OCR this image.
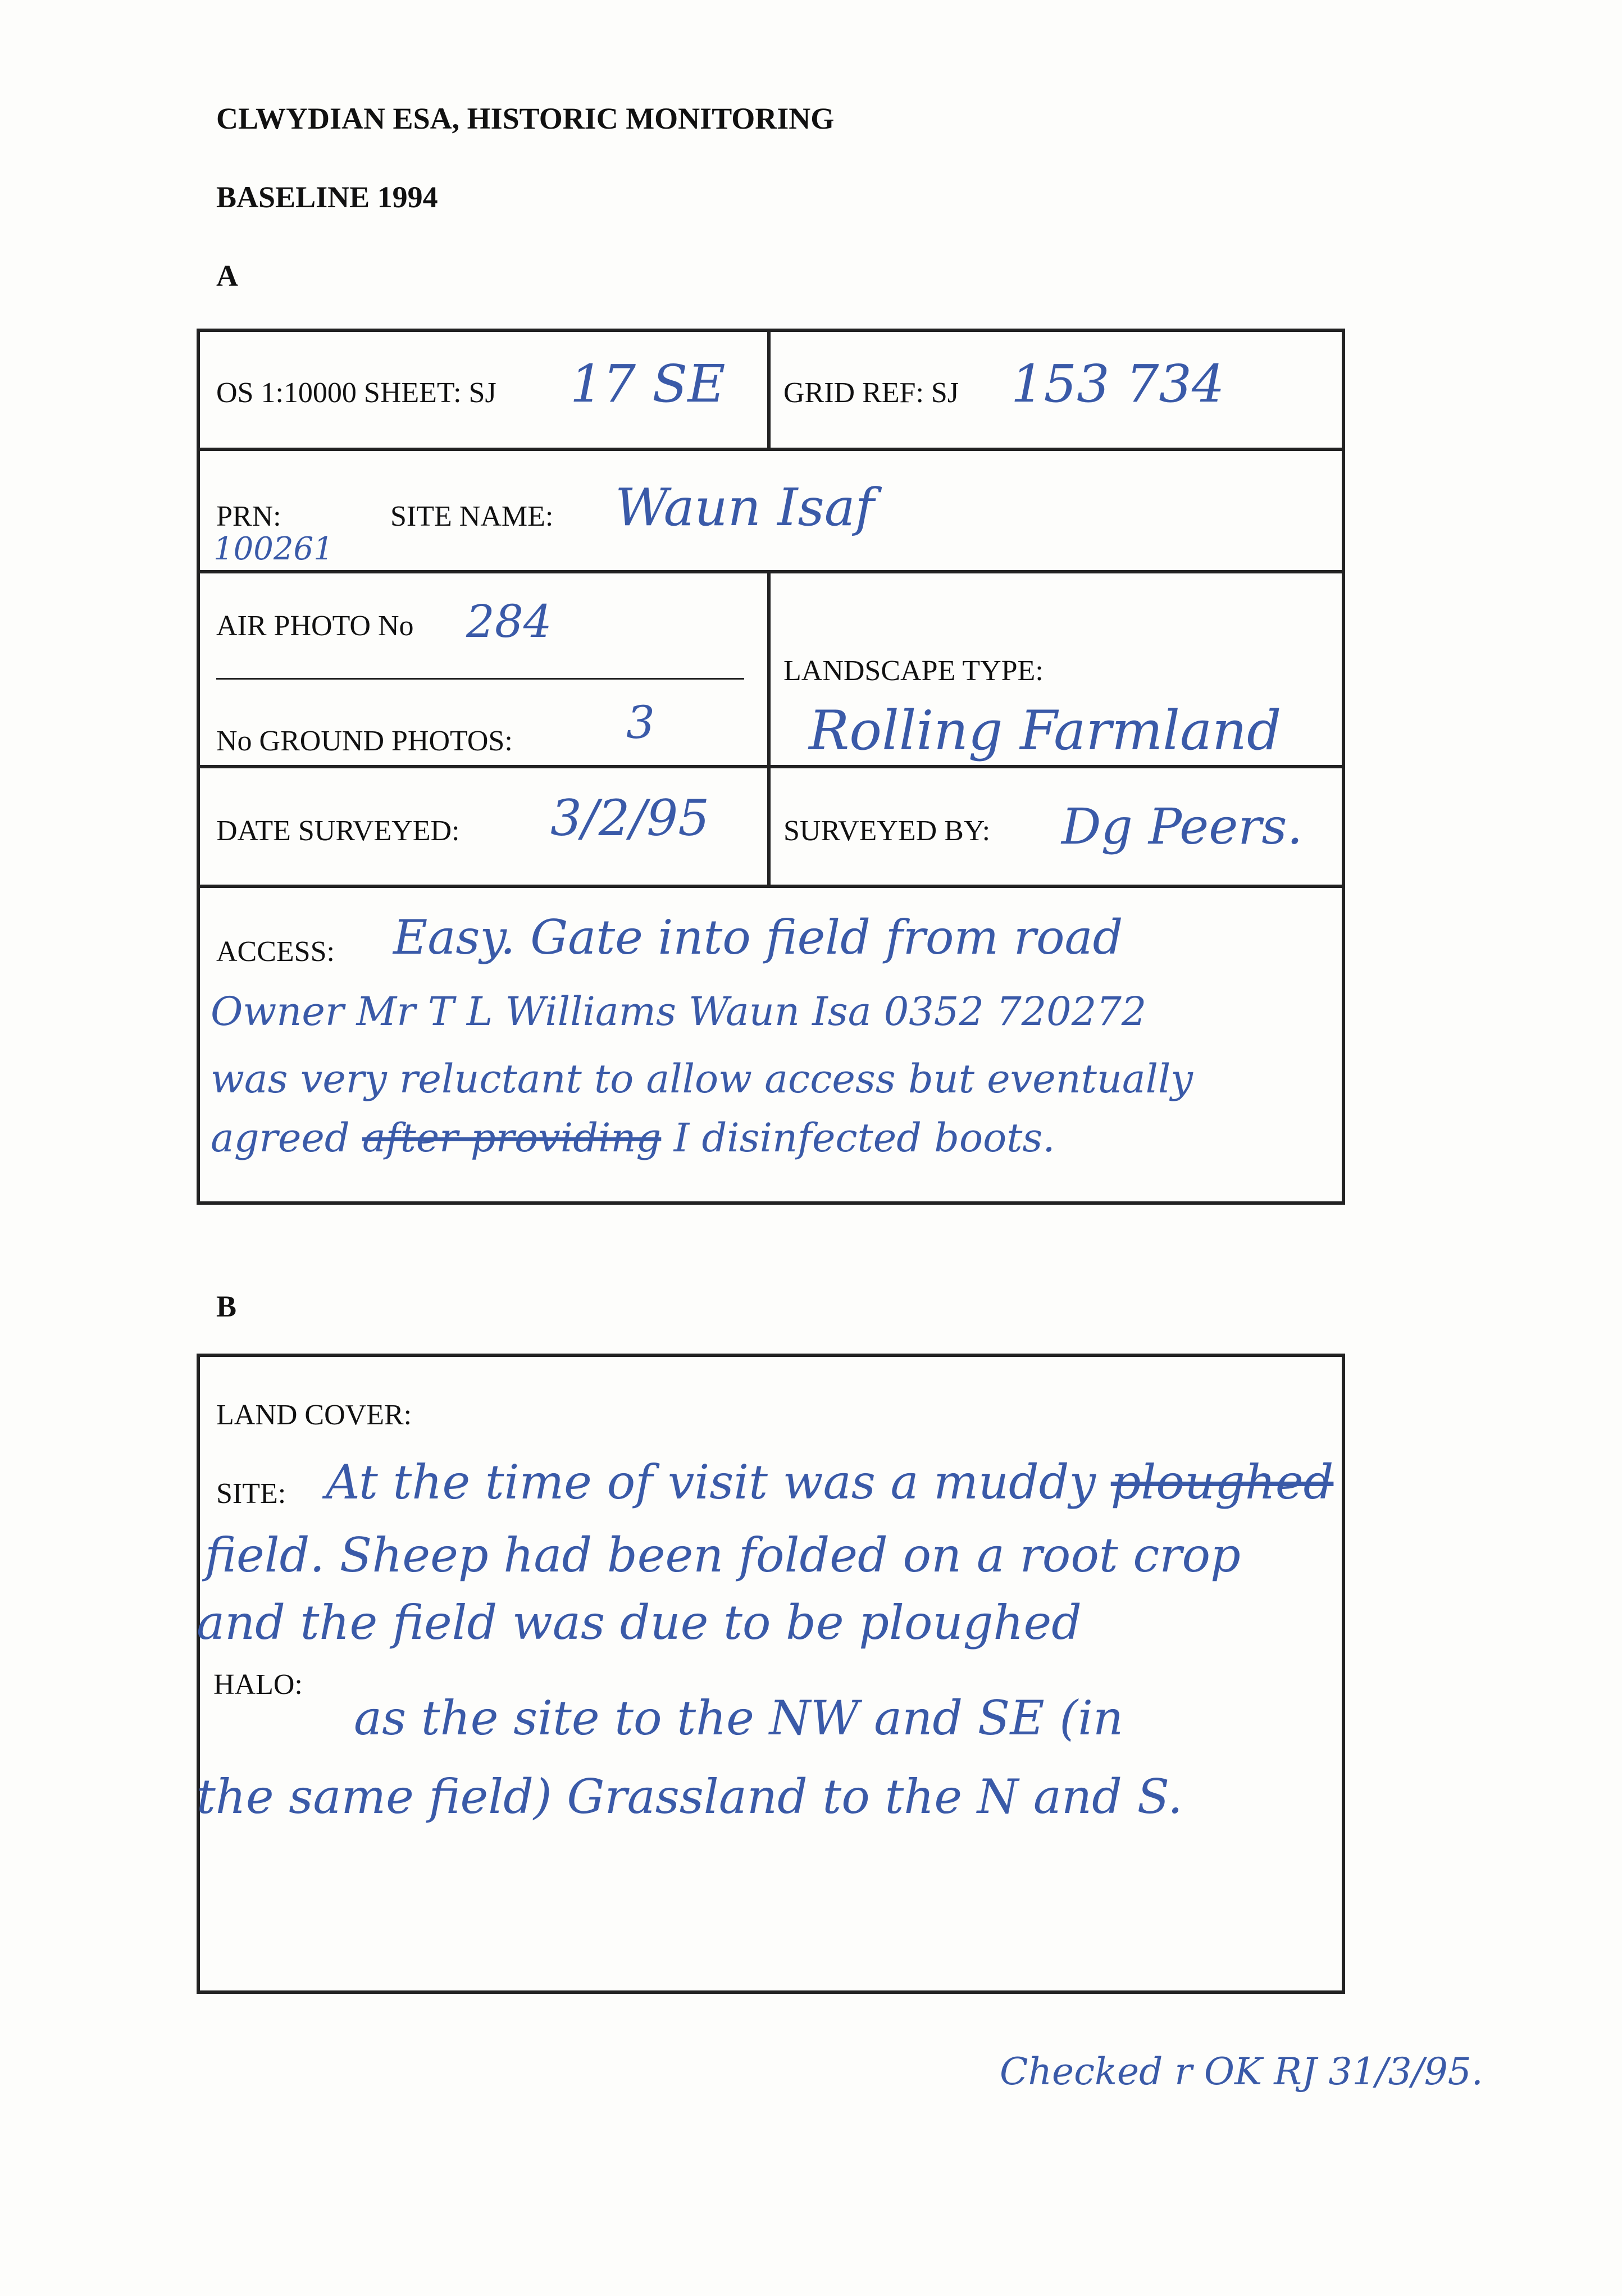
CLWYDIAN ESA, HISTORIC MONITORING
BASELINE 1994
A
OS 1:10000 SHEET: SJ 17 SE GRID REF: SJ 153 734
PRN:
100261
SITE NAME: Waun Isaf
AIR PHOTO No 284
No GROUND PHOTOS:	3
LANDSCAPE TYPE:
Rolling Farmland
DATE SURVEYED: 3/2/95	SURVEYED BY: Dg Peers.
ACCESS: Easy. Gate into field from road
Owner Mr T L Williams Waun Isa 0352 720272
was very reluctant to allow access but eventually
agreed after providing I disinfected boots.
B
LAND COVER:
SITE: At the time of visit was a muddy ploughed
field. Sheep had been folded on a root crop
and the field was due to be ploughed
HALO:
as the site to the NW and SE (in
the same field) Grassland to the N and S.
Checked r OK RJ 31/3/95.
